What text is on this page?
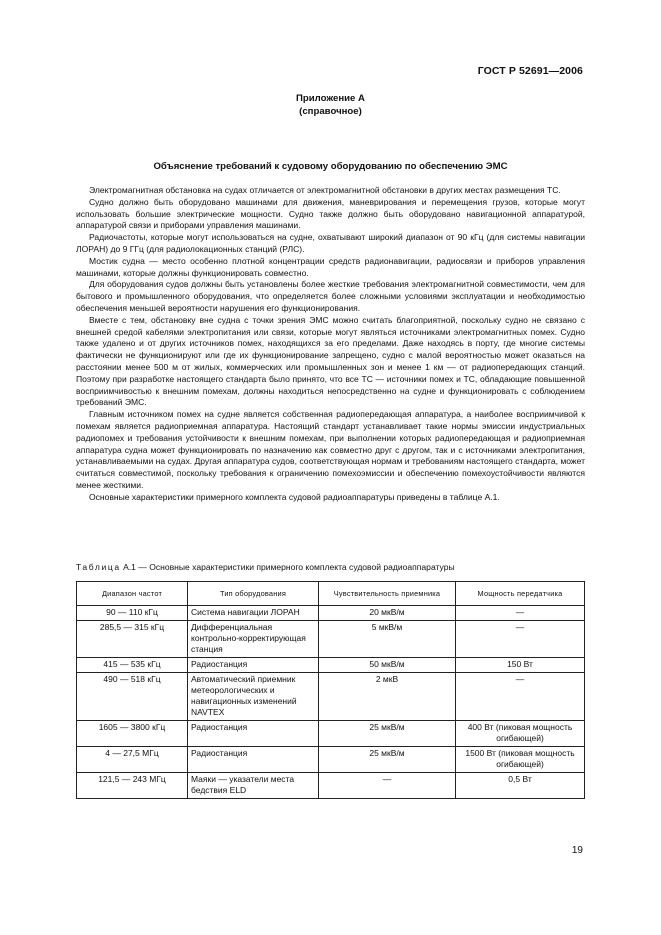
ГОСТ Р 52691—2006
Приложение А
(справочное)
Объяснение требований к судовому оборудованию по обеспечению ЭМС

Электромагнитная обстановка на судах отличается от электромагнитной обстановки в других местах размещения ТС.

Судно должно быть оборудовано машинами для движения, маневрирования и перемещения грузов, которые могут использовать большие электрические мощности. Судно также должно быть оборудовано навигационной аппаратурой, аппаратурой связи и приборами управления машинами.

Радиочастоты, которые могут использоваться на судне, охватывают широкий диапазон от 90 кГц (для системы навигации ЛОРАН) до 9 ГГц (для радиолокационных станций (РЛС).

Мостик судна — место особенно плотной концентрации средств радионавигации, радиосвязи и приборов управления машинами, которые должны функционировать совместно.

Для оборудования судов должны быть установлены более жесткие требования электромагнитной совместимости, чем для бытового и промышленного оборудования, что определяется более сложными условиями эксплуатации и необходимостью обеспечения меньшей вероятности нарушения его функционирования.

Вместе с тем, обстановку вне судна с точки зрения ЭМС можно считать благоприятной, поскольку судно не связано с внешней средой кабелями электропитания или связи, которые могут являться источниками электромагнитных помех. Судно также удалено и от других источников помех, находящихся за его пределами. Даже находясь в порту, где многие системы фактически не функционируют или где их функционирование запрещено, судно с малой вероятностью может оказаться на расстоянии менее 500 м от жилых, коммерческих или промышленных зон и менее 1 км — от радиопередающих станций. Поэтому при разработке настоящего стандарта было принято, что все ТС — источники помех и ТС, обладающие повышенной восприимчивостью к внешним помехам, должны находиться непосредственно на судне и функционировать с соблюдением требований ЭМС.

Главным источником помех на судне является собственная радиопередающая аппаратура, а наиболее восприимчивой к помехам является радиоприемная аппаратура. Настоящий стандарт устанавливает такие нормы эмиссии индустриальных радиопомех и требования устойчивости к внешним помехам, при выполнении которых радиопередающая и радиоприемная аппаратура судна может функционировать по назначению как совместно друг с другом, так и с источниками электропитания, устанавливаемыми на судах. Другая аппаратура судов, соответствующая нормам и требованиям настоящего стандарта, может считаться совместимой, поскольку требования к ограничению помехоэмиссии и обеспечению помехоустойчивости являются менее жесткими.

Основные характеристики примерного комплекта судовой радиоаппаратуры приведены в таблице А.1.

Таблица А.1 — Основные характеристики примерного комплекта судовой радиоаппаратуры
Диапазон частот	Тип оборудования	Чувствительность приемника	Мощность передатчика
90 — 110 кГц	Система навигации ЛОРАН	20 мкВ/м	—
285,5 — 315 кГц	Дифференциальная контрольно-корректирующая станция	5 мкВ/м	—
415 — 535 кГц	Радиостанция	50 мкВ/м	150 Вт
490 — 518 кГц	Автоматический приемник метеорологических и навигационных изменений NAVTEX	2 мкВ	—
1605 — 3800 кГц	Радиостанция	25 мкВ/м	400 Вт (пиковая мощность огибающей)
4 — 27,5 МГц	Радиостанция	25 мкВ/м	1500 Вт (пиковая мощность огибающей)
121,5 — 243 МГц	Маяки — указатели места бедствия ELD	—	0,5 Вт
19
